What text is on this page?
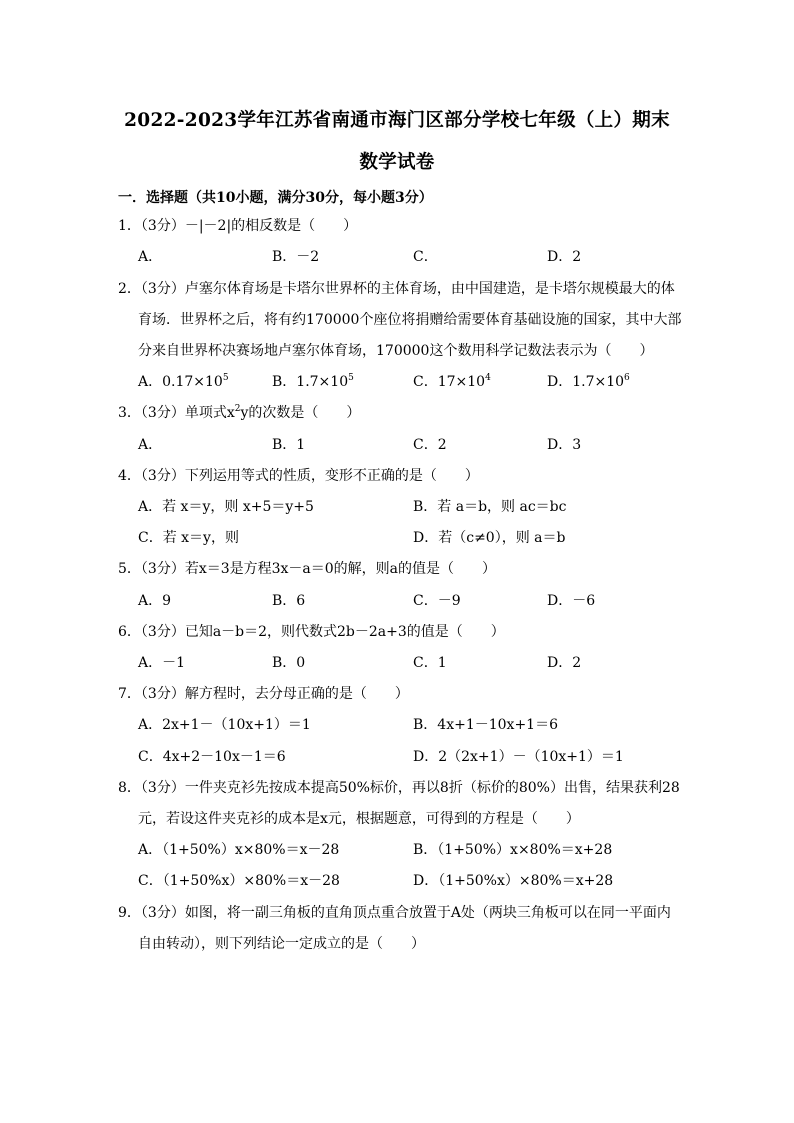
2022-2023学年江苏省南通市海门区部分学校七年级（上）期末
数学试卷
一．选择题（共10小题，满分30分，每小题3分）
1．（3分）－|－2|的相反数是（　　）
A．	B．－2	C．	D．2
2．（3分）卢塞尔体育场是卡塔尔世界杯的主体育场，由中国建造，是卡塔尔规模最大的体
育场．世界杯之后，将有约170000个座位将捐赠给需要体育基础设施的国家，其中大部
分来自世界杯决赛场地卢塞尔体育场，170000这个数用科学记数法表示为（　　）
A．$0.17\times 10^5$	B．$1.7\times 10^5$	C．$17\times 10^4$	D．$1.7\times 10^6$
3．（3分）单项式$x^2y$的次数是（　　）
A．	B．1	C．2	D．3
4．（3分）下列运用等式的性质，变形不正确的是（　　）
A．若 x＝y，则 x+5＝y+5	B．若 a＝b，则 ac＝bc
C．若 x＝y，则	D．若（c≠0），则 a＝b
5．（3分）若x＝3是方程3x－a＝0的解，则a的值是（　　）
A．9	B．6	C．－9	D．－6
6．（3分）已知a－b＝2，则代数式2b－2a+3的值是（　　）
A．－1	B．0	C．1	D．2
7．（3分）解方程时，去分母正确的是（　　）
A．2x+1－（10x+1）＝1	B．4x+1－10x+1＝6
C．4x+2－10x－1＝6	D．2（2x+1）－（10x+1）＝1
8．（3分）一件夹克衫先按成本提高50%标价，再以8折（标价的80%）出售，结果获利28
元，若设这件夹克衫的成本是x元，根据题意，可得到的方程是（　　）
A．（1+50%）x×80%＝x－28	B．（1+50%）x×80%＝x+28
C．（1+50%x）×80%＝x－28	D．（1+50%x）×80%＝x+28
9．（3分）如图，将一副三角板的直角顶点重合放置于A处（两块三角板可以在同一平面内
自由转动），则下列结论一定成立的是（　　）
